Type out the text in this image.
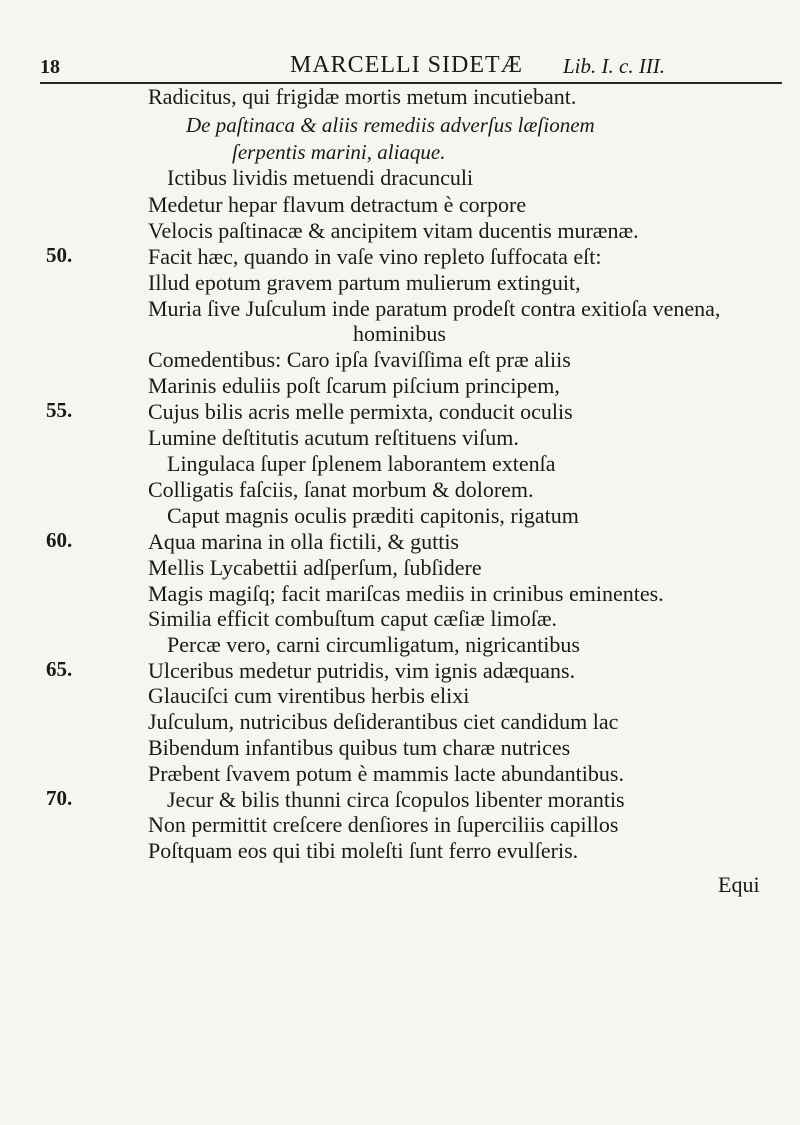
18	MARCELLI SIDETÆ Lib. I. c. III.
Radicitus, qui frigidæ mortis metum incutiebant.
De paſtinaca & aliis remediis adverſus læſionem
ſerpentis marini, aliaque.
Ictibus lividis metuendi dracunculi
Medetur hepar flavum detractum è corpore
Velocis paſtinacæ & ancipitem vitam ducentis murænæ.
Facit hæc, quando in vaſe vino repleto ſuffocata eſt:
Illud epotum gravem partum mulierum extinguit,
Muria ſive Juſculum inde paratum prodeſt contra exitioſa venena,
hominibus
Comedentibus: Caro ipſa ſvaviſſima eſt præ aliis
Marinis eduliis poſt ſcarum piſcium principem,
Cujus bilis acris melle permixta, conducit oculis
Lumine deſtitutis acutum reſtituens viſum.
Lingulaca ſuper ſplenem laborantem extenſa
Colligatis faſciis, ſanat morbum & dolorem.
Caput magnis oculis præditi capitonis, rigatum
Aqua marina in olla fictili, & guttis
Mellis Lycabettii adſperſum, ſubſidere
Magis magiſq; facit mariſcas mediis in crinibus eminentes.
Similia efficit combuſtum caput cæſiæ limoſæ.
Percæ vero, carni circumligatum, nigricantibus
Ulceribus medetur putridis, vim ignis adæquans.
Glauciſci cum virentibus herbis elixi
Juſculum, nutricibus deſiderantibus ciet candidum lac
Bibendum infantibus quibus tum charæ nutrices
Præbent ſvavem potum è mammis lacte abundantibus.
Jecur & bilis thunni circa ſcopulos libenter morantis
Non permittit creſcere denſiores in ſuperciliis capillos
Poſtquam eos qui tibi moleſti ſunt ferro evulſeris.
50.
55.
60.
65.
70.
Equi
